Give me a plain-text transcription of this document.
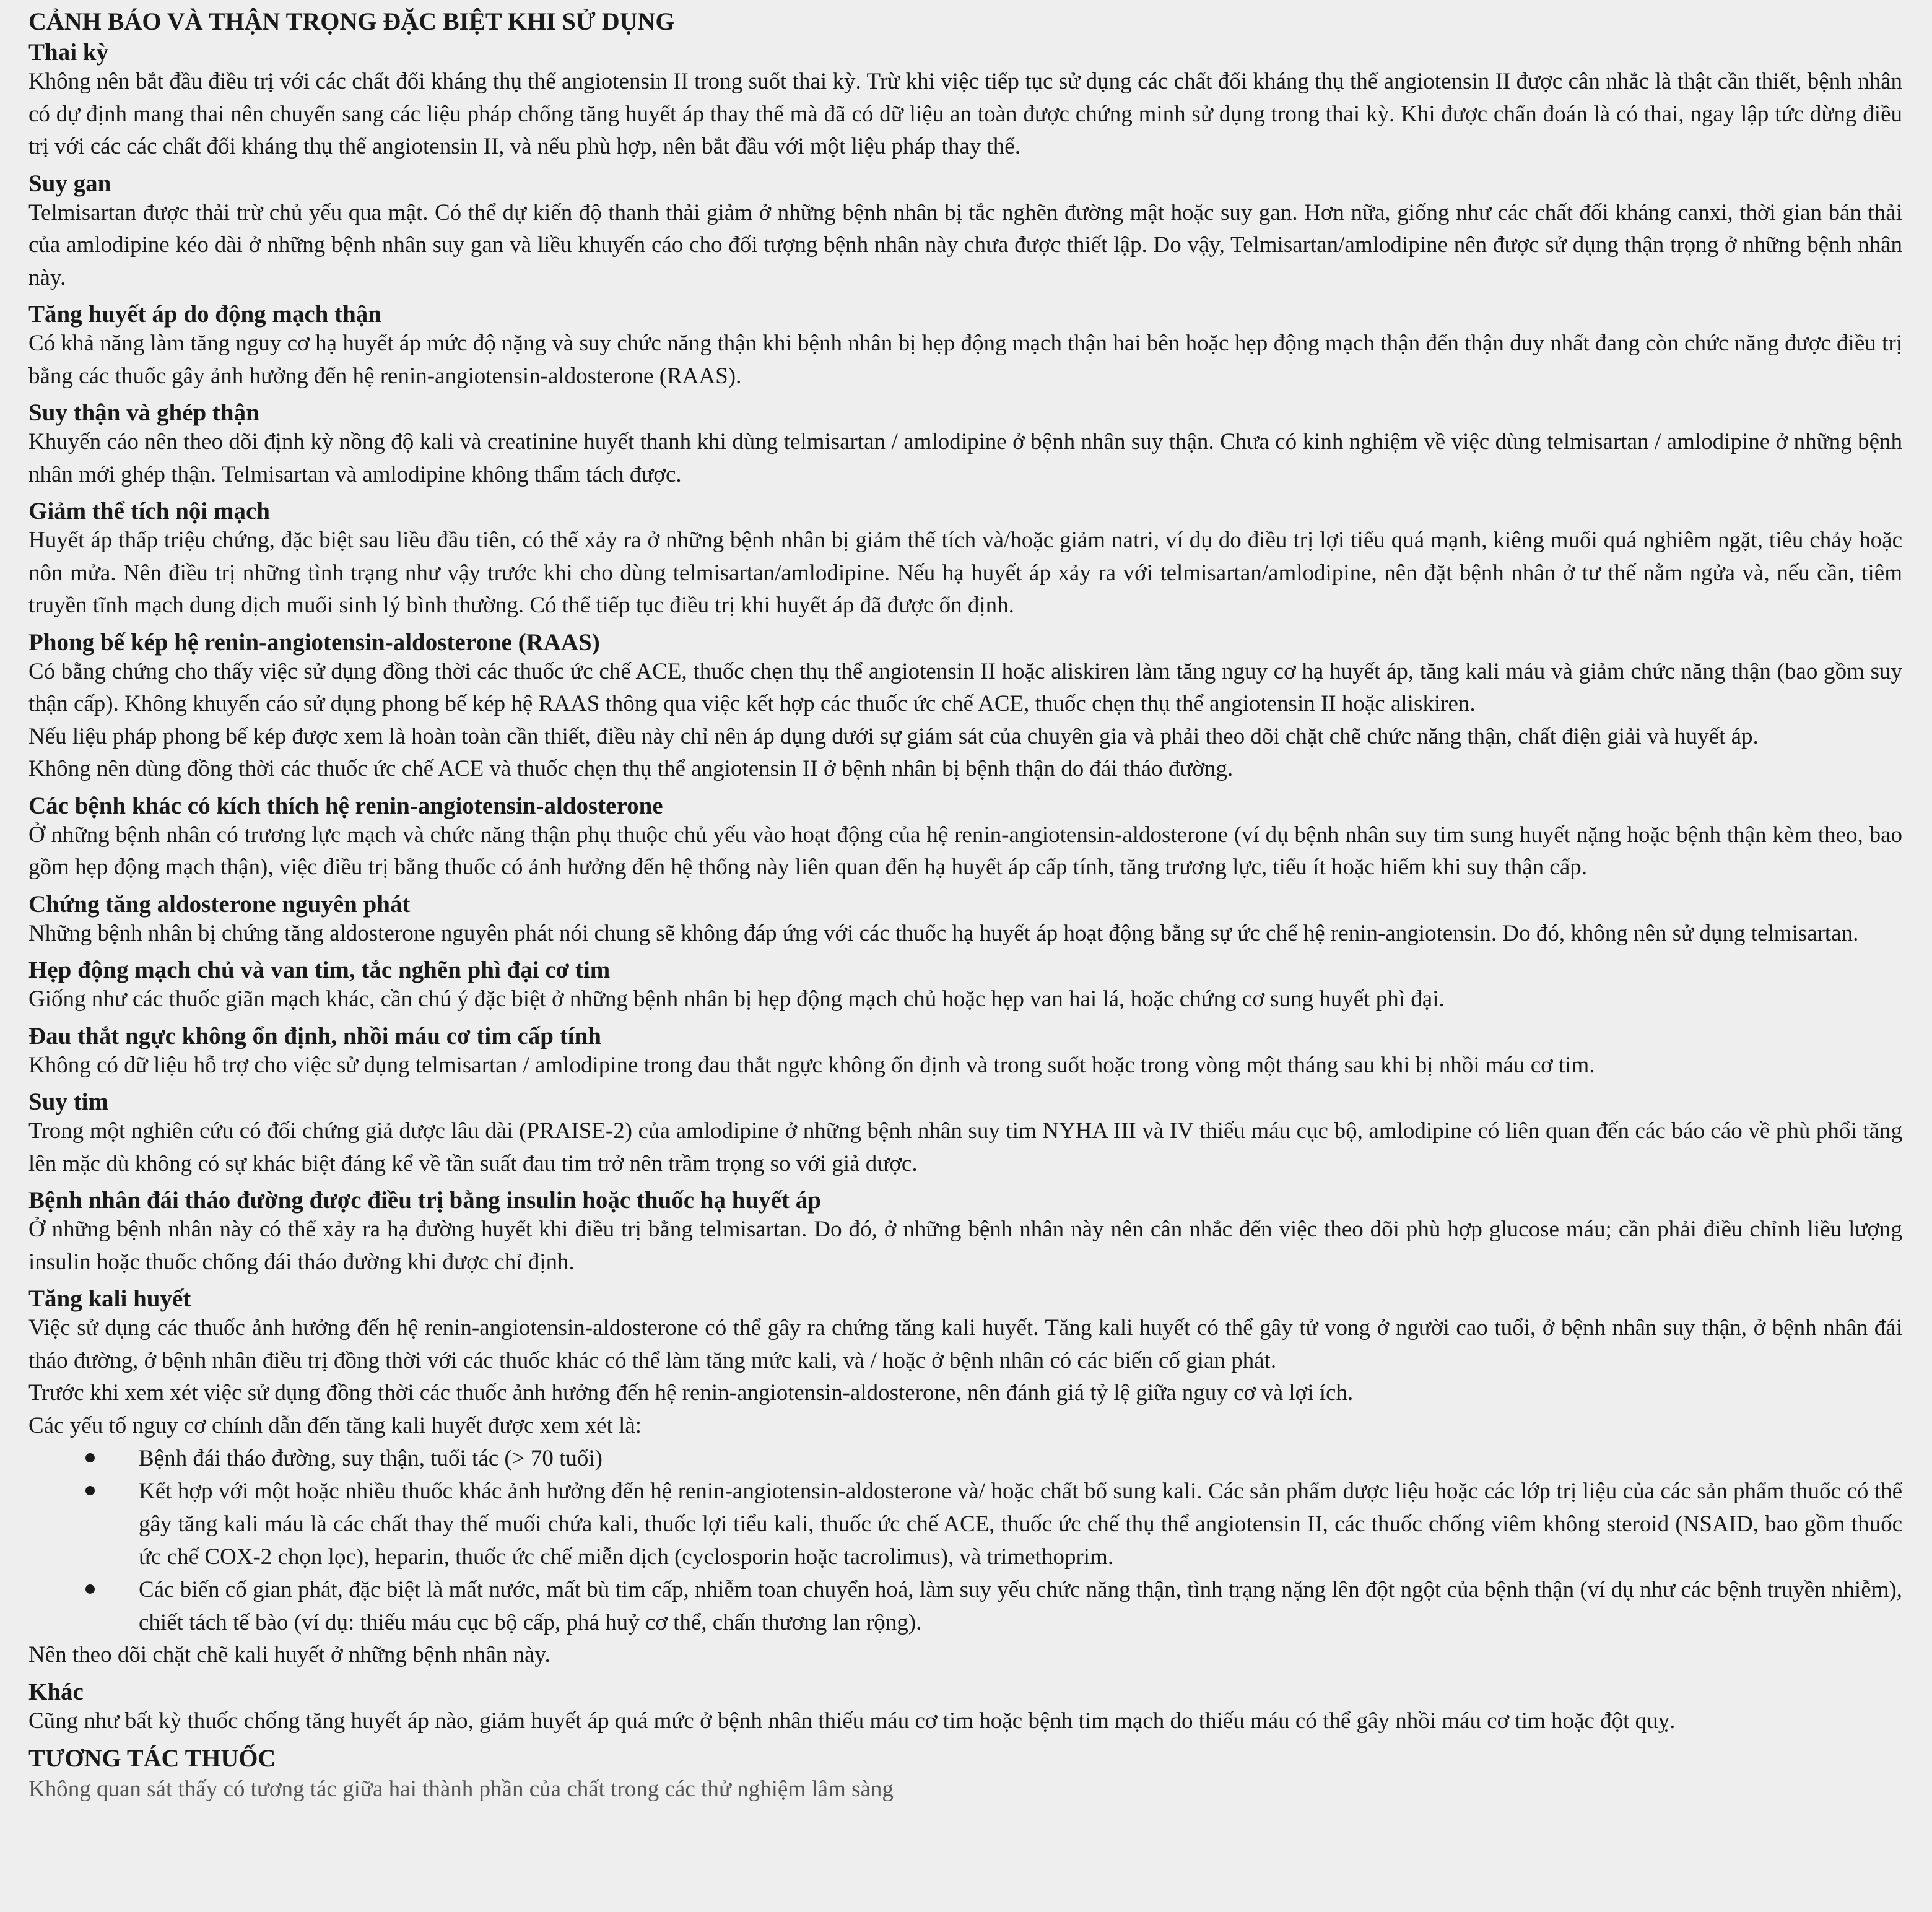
CẢNH BÁO VÀ THẬN TRỌNG ĐẶC BIỆT KHI SỬ DỤNG
Thai kỳ

Không nên bắt đầu điều trị với các chất đối kháng thụ thể angiotensin II trong suốt thai kỳ. Trừ khi việc tiếp tục sử dụng các chất đối kháng thụ thể angiotensin II được cân nhắc là thật cần thiết, bệnh nhân có dự định mang thai nên chuyển sang các liệu pháp chống tăng huyết áp thay thế mà đã có dữ liệu an toàn được chứng minh sử dụng trong thai kỳ. Khi được chẩn đoán là có thai, ngay lập tức dừng điều trị với các các chất đối kháng thụ thể angiotensin II, và nếu phù hợp, nên bắt đầu với một liệu pháp thay thế.

Suy gan

Telmisartan được thải trừ chủ yếu qua mật. Có thể dự kiến độ thanh thải giảm ở những bệnh nhân bị tắc nghẽn đường mật hoặc suy gan. Hơn nữa, giống như các chất đối kháng canxi, thời gian bán thải của amlodipine kéo dài ở những bệnh nhân suy gan và liều khuyến cáo cho đối tượng bệnh nhân này chưa được thiết lập. Do vậy, Telmisartan/amlodipine nên được sử dụng thận trọng ở những bệnh nhân này.

Tăng huyết áp do động mạch thận

Có khả năng làm tăng nguy cơ hạ huyết áp mức độ nặng và suy chức năng thận khi bệnh nhân bị hẹp động mạch thận hai bên hoặc hẹp động mạch thận đến thận duy nhất đang còn chức năng được điều trị bằng các thuốc gây ảnh hưởng đến hệ renin-angiotensin-aldosterone (RAAS).

Suy thận và ghép thận

Khuyến cáo nên theo dõi định kỳ nồng độ kali và creatinine huyết thanh khi dùng telmisartan / amlodipine ở bệnh nhân suy thận. Chưa có kinh nghiệm về việc dùng telmisartan / amlodipine ở những bệnh nhân mới ghép thận. Telmisartan và amlodipine không thẩm tách được.

Giảm thể tích nội mạch

Huyết áp thấp triệu chứng, đặc biệt sau liều đầu tiên, có thể xảy ra ở những bệnh nhân bị giảm thể tích và/hoặc giảm natri, ví dụ do điều trị lợi tiểu quá mạnh, kiêng muối quá nghiêm ngặt, tiêu chảy hoặc nôn mửa. Nên điều trị những tình trạng như vậy trước khi cho dùng telmisartan/amlodipine. Nếu hạ huyết áp xảy ra với telmisartan/amlodipine, nên đặt bệnh nhân ở tư thế nằm ngửa và, nếu cần, tiêm truyền tĩnh mạch dung dịch muối sinh lý bình thường. Có thể tiếp tục điều trị khi huyết áp đã được ổn định.

Phong bế kép hệ renin-angiotensin-aldosterone (RAAS)

Có bằng chứng cho thấy việc sử dụng đồng thời các thuốc ức chế ACE, thuốc chẹn thụ thể angiotensin II hoặc aliskiren làm tăng nguy cơ hạ huyết áp, tăng kali máu và giảm chức năng thận (bao gồm suy thận cấp). Không khuyến cáo sử dụng phong bế kép hệ RAAS thông qua việc kết hợp các thuốc ức chế ACE, thuốc chẹn thụ thể angiotensin II hoặc aliskiren.

Nếu liệu pháp phong bế kép được xem là hoàn toàn cần thiết, điều này chỉ nên áp dụng dưới sự giám sát của chuyên gia và phải theo dõi chặt chẽ chức năng thận, chất điện giải và huyết áp.

Không nên dùng đồng thời các thuốc ức chế ACE và thuốc chẹn thụ thể angiotensin II ở bệnh nhân bị bệnh thận do đái tháo đường.

Các bệnh khác có kích thích hệ renin-angiotensin-aldosterone

Ở những bệnh nhân có trương lực mạch và chức năng thận phụ thuộc chủ yếu vào hoạt động của hệ renin-angiotensin-aldosterone (ví dụ bệnh nhân suy tim sung huyết nặng hoặc bệnh thận kèm theo, bao gồm hẹp động mạch thận), việc điều trị bằng thuốc có ảnh hưởng đến hệ thống này liên quan đến hạ huyết áp cấp tính, tăng trương lực, tiểu ít hoặc hiếm khi suy thận cấp.

Chứng tăng aldosterone nguyên phát

Những bệnh nhân bị chứng tăng aldosterone nguyên phát nói chung sẽ không đáp ứng với các thuốc hạ huyết áp hoạt động bằng sự ức chế hệ renin-angiotensin. Do đó, không nên sử dụng telmisartan.

Hẹp động mạch chủ và van tim, tắc nghẽn phì đại cơ tim

Giống như các thuốc giãn mạch khác, cần chú ý đặc biệt ở những bệnh nhân bị hẹp động mạch chủ hoặc hẹp van hai lá, hoặc chứng cơ sung huyết phì đại.

Đau thắt ngực không ổn định, nhồi máu cơ tim cấp tính

Không có dữ liệu hỗ trợ cho việc sử dụng telmisartan / amlodipine trong đau thắt ngực không ổn định và trong suốt hoặc trong vòng một tháng sau khi bị nhồi máu cơ tim.

Suy tim

Trong một nghiên cứu có đối chứng giả dược lâu dài (PRAISE-2) của amlodipine ở những bệnh nhân suy tim NYHA III và IV thiếu máu cục bộ, amlodipine có liên quan đến các báo cáo về phù phổi tăng lên mặc dù không có sự khác biệt đáng kể về tần suất đau tim trở nên trầm trọng so với giả dược.

Bệnh nhân đái tháo đường được điều trị bằng insulin hoặc thuốc hạ huyết áp

Ở những bệnh nhân này có thể xảy ra hạ đường huyết khi điều trị bằng telmisartan. Do đó, ở những bệnh nhân này nên cân nhắc đến việc theo dõi phù hợp glucose máu; cần phải điều chỉnh liều lượng insulin hoặc thuốc chống đái tháo đường khi được chỉ định.

Tăng kali huyết

Việc sử dụng các thuốc ảnh hưởng đến hệ renin-angiotensin-aldosterone có thể gây ra chứng tăng kali huyết. Tăng kali huyết có thể gây tử vong ở người cao tuổi, ở bệnh nhân suy thận, ở bệnh nhân đái tháo đường, ở bệnh nhân điều trị đồng thời với các thuốc khác có thể làm tăng mức kali, và / hoặc ở bệnh nhân có các biến cố gian phát.

Trước khi xem xét việc sử dụng đồng thời các thuốc ảnh hưởng đến hệ renin-angiotensin-aldosterone, nên đánh giá tỷ lệ giữa nguy cơ và lợi ích.

Các yếu tố nguy cơ chính dẫn đến tăng kali huyết được xem xét là:

Bệnh đái tháo đường, suy thận, tuổi tác (> 70 tuổi)
Kết hợp với một hoặc nhiều thuốc khác ảnh hưởng đến hệ renin-angiotensin-aldosterone và/ hoặc chất bổ sung kali. Các sản phẩm dược liệu hoặc các lớp trị liệu của các sản phẩm thuốc có thể gây tăng kali máu là các chất thay thế muối chứa kali, thuốc lợi tiểu kali, thuốc ức chế ACE, thuốc ức chế thụ thể angiotensin II, các thuốc chống viêm không steroid (NSAID, bao gồm thuốc ức chế COX-2 chọn lọc), heparin, thuốc ức chế miễn dịch (cyclosporin hoặc tacrolimus), và trimethoprim.
Các biến cố gian phát, đặc biệt là mất nước, mất bù tim cấp, nhiễm toan chuyển hoá, làm suy yếu chức năng thận, tình trạng nặng lên đột ngột của bệnh thận (ví dụ như các bệnh truyền nhiễm), chiết tách tế bào (ví dụ: thiếu máu cục bộ cấp, phá huỷ cơ thể, chấn thương lan rộng).

Nên theo dõi chặt chẽ kali huyết ở những bệnh nhân này.

Khác

Cũng như bất kỳ thuốc chống tăng huyết áp nào, giảm huyết áp quá mức ở bệnh nhân thiếu máu cơ tim hoặc bệnh tim mạch do thiếu máu có thể gây nhồi máu cơ tim hoặc đột quỵ.

TƯƠNG TÁC THUỐC

Không quan sát thấy có tương tác giữa hai thành phần của chất trong các thử nghiệm lâm sàng
